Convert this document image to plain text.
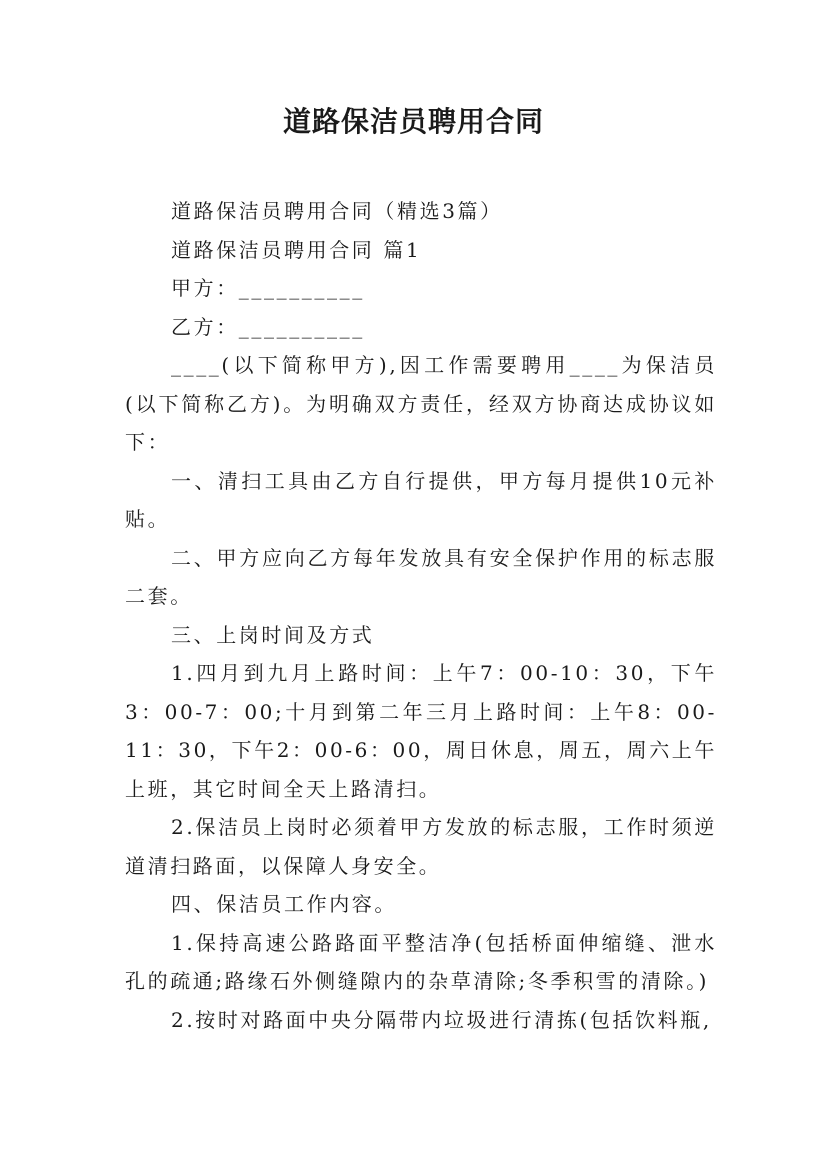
道路保洁员聘用合同

道路保洁员聘用合同（精选3篇）

道路保洁员聘用合同 篇1

甲方：__________

乙方：__________

____(以下简称甲方),因工作需要聘用____为保洁员(以下简称乙方)。为明确双方责任，经双方协商达成协议如下：

一、清扫工具由乙方自行提供，甲方每月提供10元补贴。

二、甲方应向乙方每年发放具有安全保护作用的标志服二套。

三、上岗时间及方式

1.四月到九月上路时间：上午7：00-10：30，下午3：00-7：00;十月到第二年三月上路时间：上午8：00-11：30，下午2：00-6：00，周日休息，周五，周六上午上班，其它时间全天上路清扫。

2.保洁员上岗时必须着甲方发放的标志服，工作时须逆道清扫路面，以保障人身安全。

四、保洁员工作内容。

1.保持高速公路路面平整洁净(包括桥面伸缩缝、泄水孔的疏通;路缘石外侧缝隙内的杂草清除;冬季积雪的清除。)

2.按时对路面中央分隔带内垃圾进行清拣(包括饮料瓶,
